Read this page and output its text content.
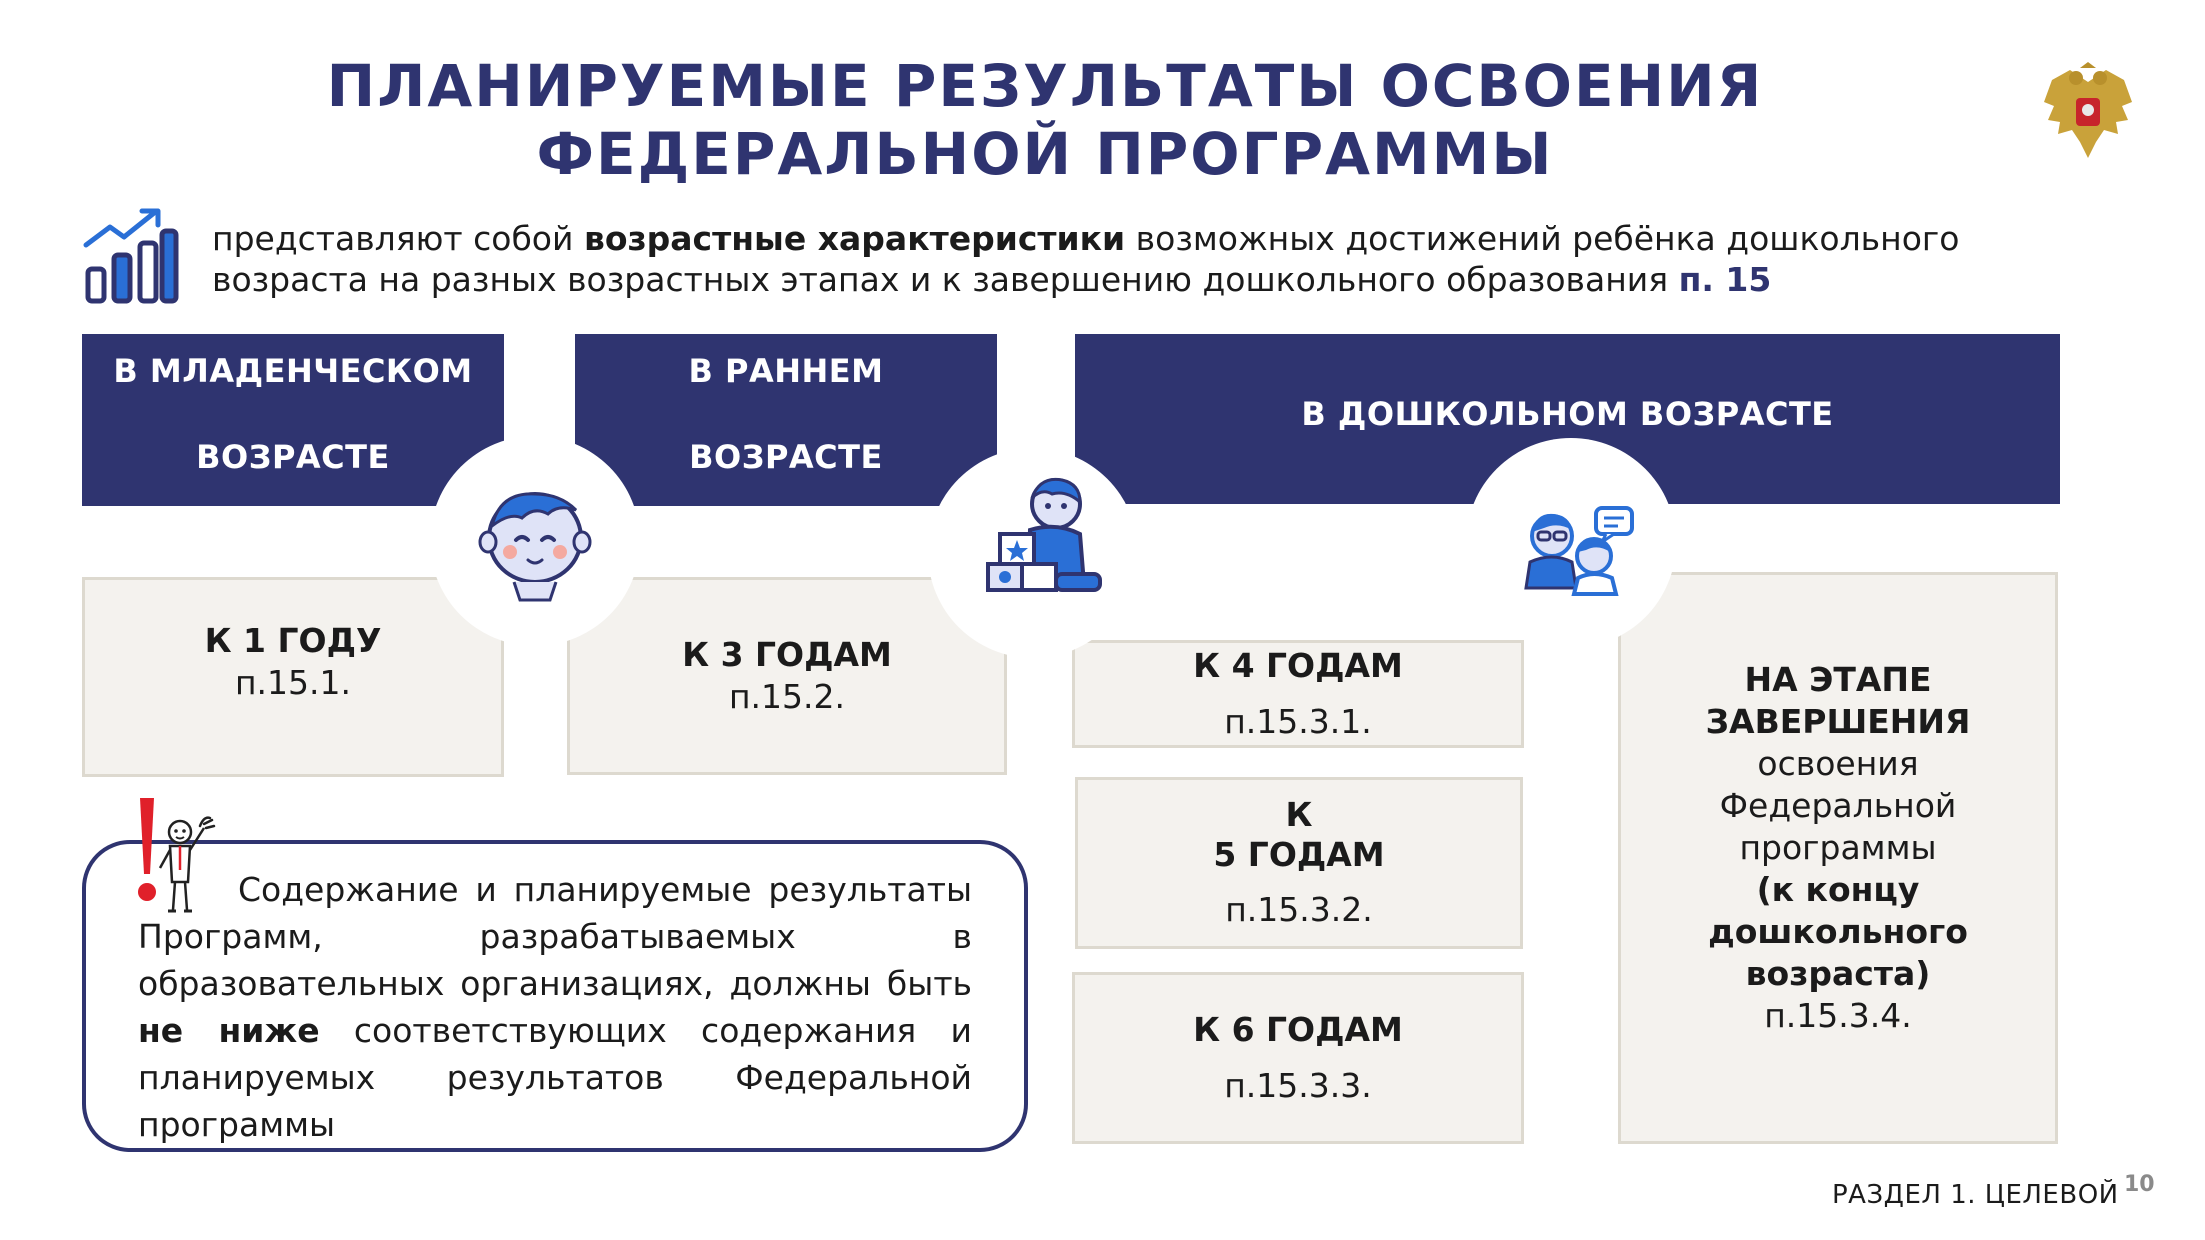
ПЛАНИРУЕМЫЕ РЕЗУЛЬТАТЫ ОСВОЕНИЯ
ФЕДЕРАЛЬНОЙ ПРОГРАММЫ
представляют собой возрастные характеристики возможных достижений ребёнка дошкольного
возраста на разных возрастных этапах и к завершению дошкольного образования п. 15
В МЛАДЕНЧЕСКОМ

ВОЗРАСТЕ
В РАННЕМ

ВОЗРАСТЕ
В ДОШКОЛЬНОМ ВОЗРАСТЕ
К 1 ГОДУ
п.15.1.
К 3 ГОДАМ
п.15.2.
К 4 ГОДАМ
п.15.3.1.
К
5 ГОДАМ
п.15.3.2.
К 6 ГОДАМ
п.15.3.3.
НА ЭТАПЕ
ЗАВЕРШЕНИЯ
освоения
Федеральной
программы
(к концу
дошкольного
возраста)
п.15.3.4.
Содержание и планируемые результаты Программ, разрабатываемых в образовательных организациях, должны быть не ниже соответствующих содержания и планируемых результатов Федеральной программы
РАЗДЕЛ 1. ЦЕЛЕВОЙ 10
